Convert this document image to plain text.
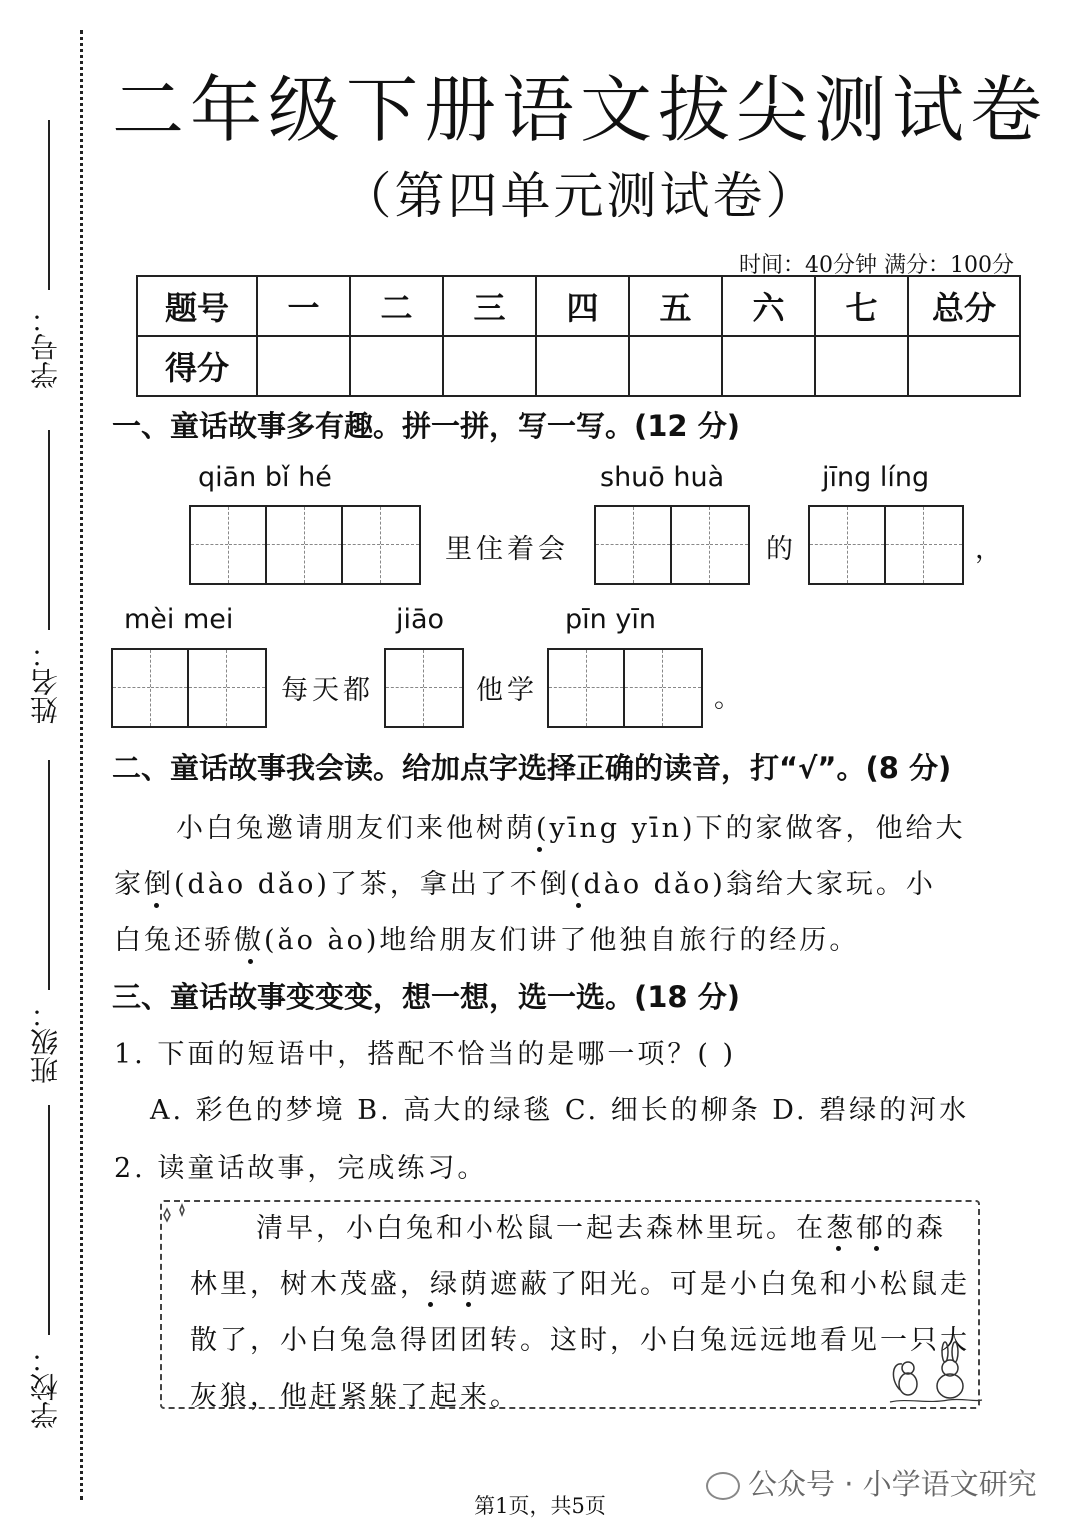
学号：
姓名：
班级：
学校：
二年级下册语文拔尖测试卷
（第四单元测试卷）
时间：40分钟 满分：100分
题号	一	二	三	四	五	六	七	总分
得分								
一、童话故事多有趣。拼一拼，写一写。(12 分)
qiān bǐ hé	shuō huà	jīng líng
里住着会	的	，
mèi mei	jiāo	pīn yīn
每天都	他学	。
二、童话故事我会读。给加点字选择正确的读音，打“√”。(8 分)
小白兔邀请朋友们来他树荫(yīng yīn)下的家做客，他给大
家倒(dào dǎo)了茶，拿出了不倒(dào dǎo)翁给大家玩。小
白兔还骄傲(ǎo ào)地给朋友们讲了他独自旅行的经历。
三、童话故事变变变，想一想，选一选。(18 分)
1. 下面的短语中，搭配不恰当的是哪一项？( )
A. 彩色的梦境 B. 高大的绿毯 C. 细长的柳条 D. 碧绿的河水
2. 读童话故事，完成练习。
清早，小白兔和小松鼠一起去森林里玩。在葱郁的森
林里，树木茂盛，绿荫遮蔽了阳光。可是小白兔和小松鼠走
散了，小白兔急得团团转。这时，小白兔远远地看见一只大
灰狼，他赶紧躲了起来。
公众号 · 小学语文研究
第1页，共5页
